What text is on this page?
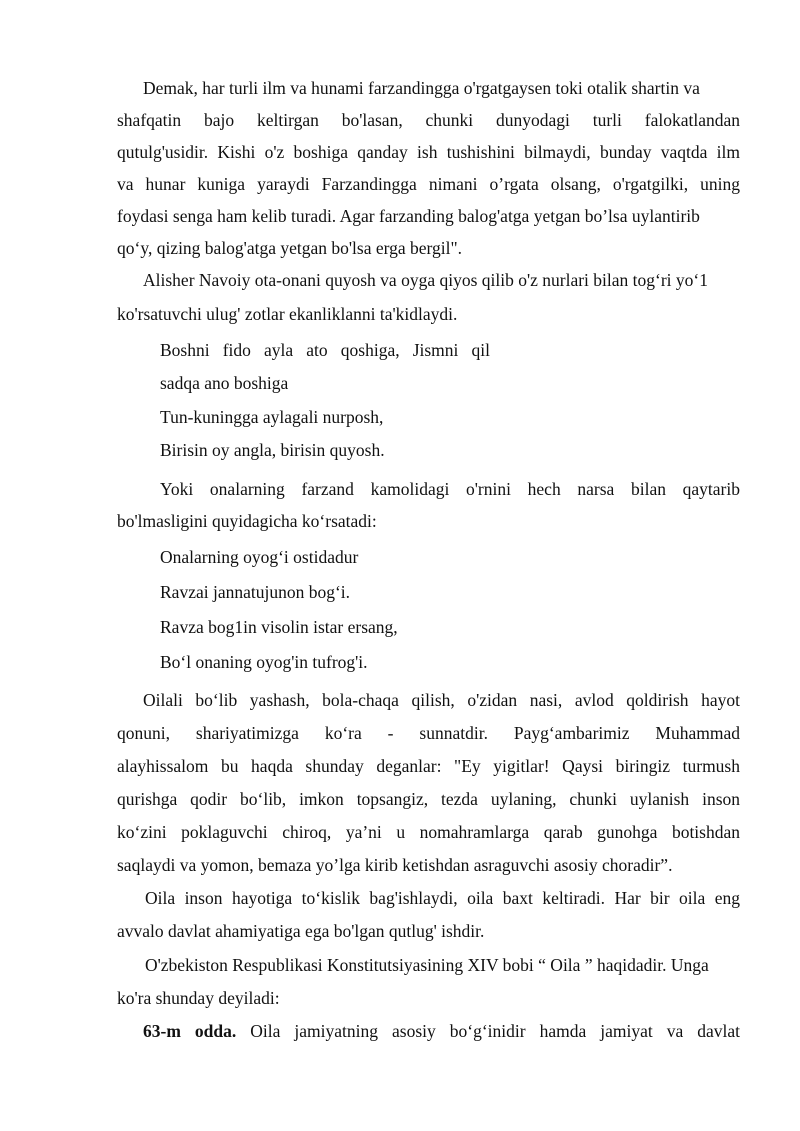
Demak, har turli ilm va hunami farzandingga o'rgatgaysen toki otalik shartin va
shafqatin bajo keltirgan bo'lasan, chunki dunyodagi turli falokatlandan
qutulg'usidir. Kishi o'z boshiga qanday ish tushishini bilmaydi, bunday vaqtda ilm
va hunar kuniga yaraydi Farzandingga nimani o’rgata olsang, o'rgatgilki, uning
foydasi senga ham kelib turadi. Agar farzanding balog'atga yetgan bo’lsa uylantirib
qo‘y, qizing balog'atga yetgan bo'lsa erga bergil".
Alisher Navoiy ota-onani quyosh va oyga qiyos qilib o'z nurlari bilan tog‘ri yo‘1
ko'rsatuvchi ulug' zotlar ekanliklanni ta'kidlaydi.
Boshni fido ayla ato qoshiga, Jismni qil
sadqa ano boshiga
Tun-kuningga aylagali nurposh,
Birisin oy angla, birisin quyosh.
Yoki onalarning farzand kamolidagi o'rnini hech narsa bilan qaytarib
bo'lmasligini quyidagicha ko‘rsatadi:
Onalarning oyog‘i ostidadur
Ravzai jannatujunon bog‘i.
Ravza bog1in visolin istar ersang,
Bo‘l onaning oyog'in tufrog'i.
Oilali bo‘lib yashash, bola-chaqa qilish, o'zidan nasi, avlod qoldirish hayot
qonuni, shariyatimizga ko‘ra - sunnatdir. Payg‘ambarimiz Muhammad
alayhissalom bu haqda shunday deganlar: "Ey yigitlar! Qaysi biringiz turmush
qurishga qodir bo‘lib, imkon topsangiz, tezda uylaning, chunki uylanish inson
ko‘zini poklaguvchi chiroq, ya’ni u nomahramlarga qarab gunohga botishdan
saqlaydi va yomon, bemaza yo’lga kirib ketishdan asraguvchi asosiy choradir”.
Oila inson hayotiga to‘kislik bag'ishlaydi, oila baxt keltiradi. Har bir oila eng
avvalo davlat ahamiyatiga ega bo'lgan qutlug' ishdir.
O'zbekiston Respublikasi Konstitutsiyasining XIV bobi “ Oila ” haqidadir. Unga
ko'ra shunday deyiladi:
63-m odda. Oila jamiyatning asosiy bo‘g‘inidir hamda jamiyat va davlat
